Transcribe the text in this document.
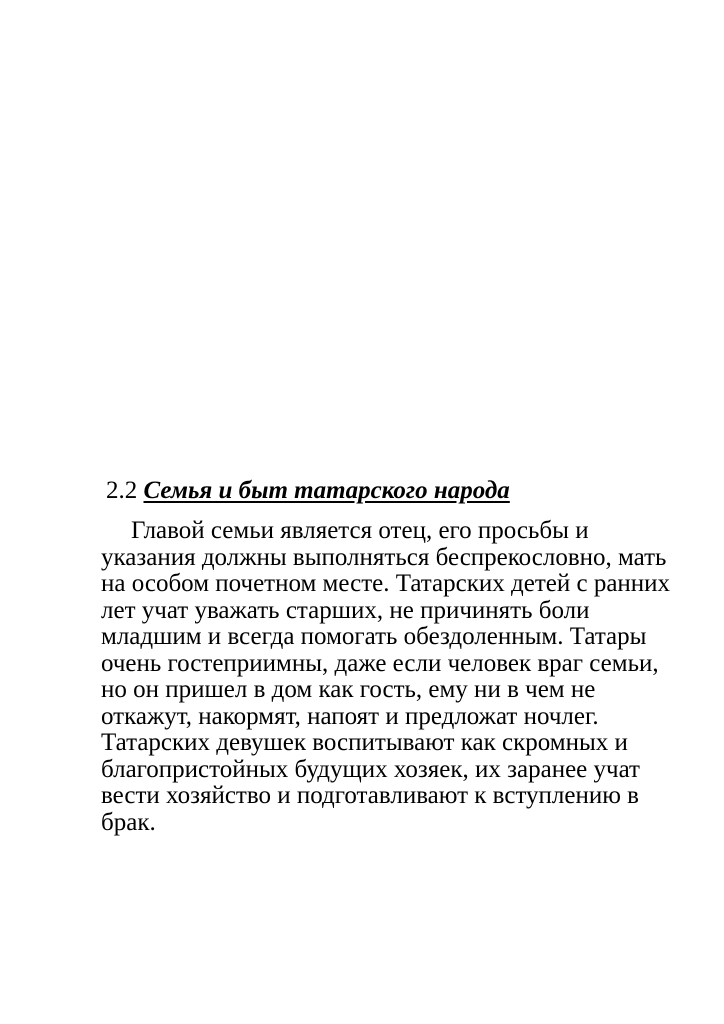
2.2 Семья и быт татарского народа
Главой семьи является отец, его просьбы и
указания должны выполняться беспрекословно, мать
на особом почетном месте. Татарских детей с ранних
лет учат уважать старших, не причинять боли
младшим и всегда помогать обездоленным. Татары
очень гостеприимны, даже если человек враг семьи,
но он пришел в дом как гость, ему ни в чем не
откажут, накормят, напоят и предложат ночлег.
Татарских девушек воспитывают как скромных и
благопристойных будущих хозяек, их заранее учат
вести хозяйство и подготавливают к вступлению в
брак.
